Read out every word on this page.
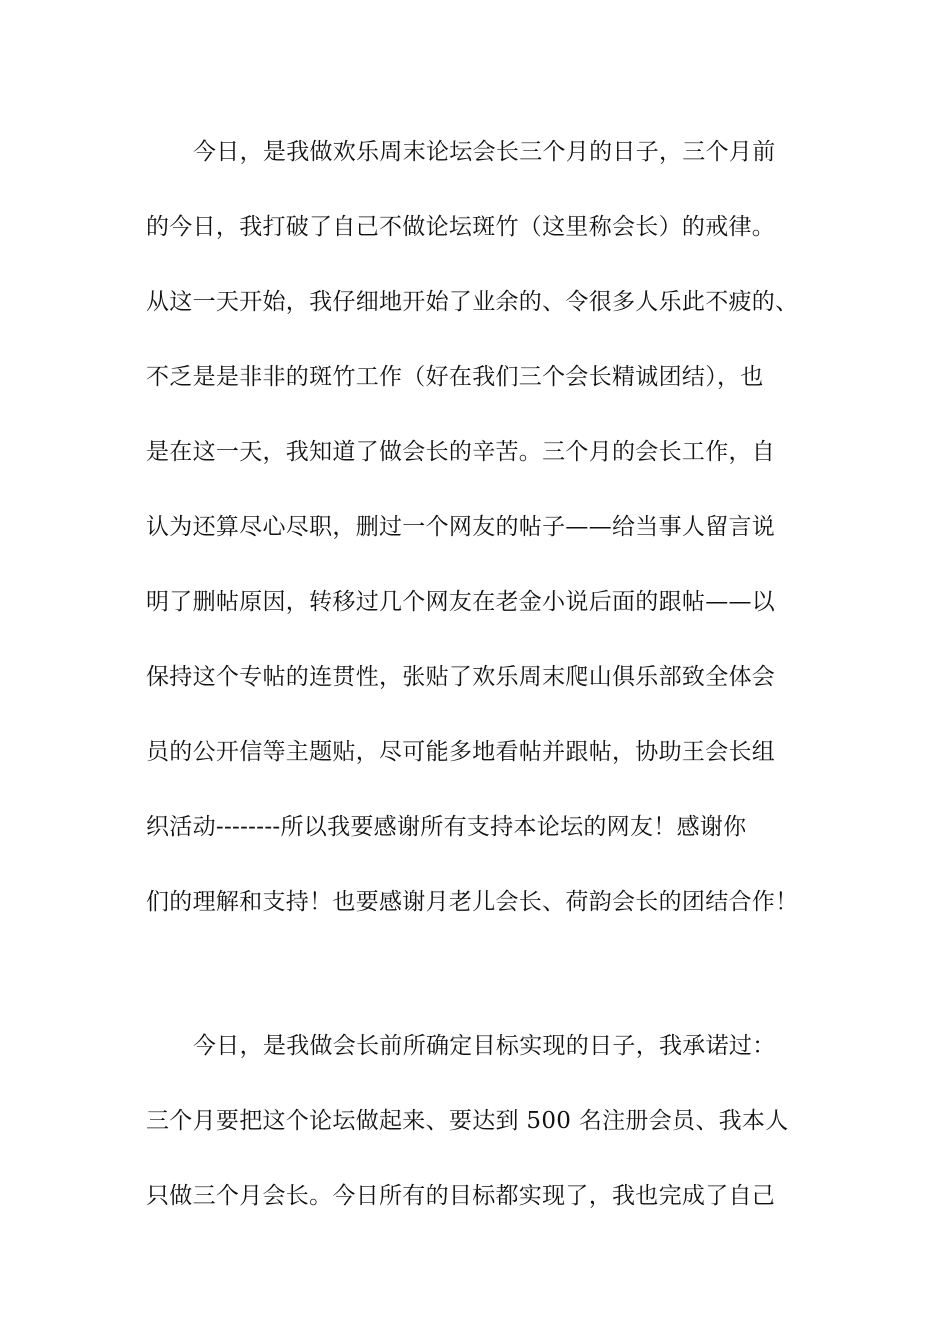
今日，是我做欢乐周末论坛会长三个月的日子，三个月前
的今日，我打破了自己不做论坛斑竹（这里称会长）的戒律。
从这一天开始，我仔细地开始了业余的、令很多人乐此不疲的、
不乏是是非非的斑竹工作（好在我们三个会长精诚团结），也
是在这一天，我知道了做会长的辛苦。三个月的会长工作，自
认为还算尽心尽职，删过一个网友的帖子——给当事人留言说
明了删帖原因，转移过几个网友在老金小说后面的跟帖——以
保持这个专帖的连贯性，张贴了欢乐周末爬山俱乐部致全体会
员的公开信等主题贴，尽可能多地看帖并跟帖，协助王会长组
织活动--------所以我要感谢所有支持本论坛的网友！感谢你
们的理解和支持！也要感谢月老儿会长、荷韵会长的团结合作！
今日，是我做会长前所确定目标实现的日子，我承诺过：
三个月要把这个论坛做起来、要达到 500 名注册会员、我本人
只做三个月会长。今日所有的目标都实现了，我也完成了自己
